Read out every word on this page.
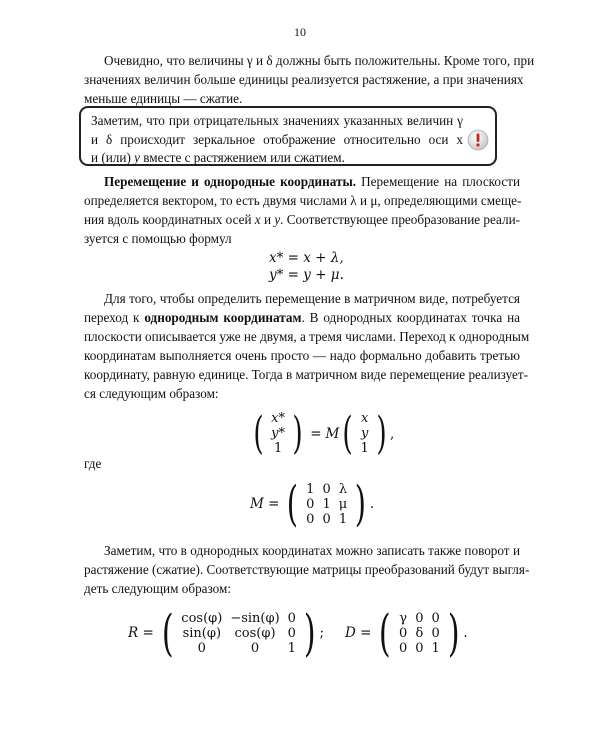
10
Очевидно, что величины γ и δ должны быть положительны. Кроме того, при
значениях величин больше единицы реализуется растяжение, а при значениях
меньше единицы — сжатие.
Заметим, что при отрицательных значениях указанных величин γ
и δ происходит зеркальное отображение относительно оси x
и (или) y вместе с растяжением или сжатием.
Перемещение и однородные координаты. Перемещение на плоскости
определяется вектором, то есть двумя числами λ и μ, определяющими смеще-
ния вдоль координатных осей x и y. Соответствующее преобразование реали-
зуется с помощью формул
x* = x + λ,
y* = y + μ.
Для того, чтобы определить перемещение в матричном виде, потребуется
переход к однородным координатам. В однородных координатах точка на
плоскости описывается уже не двумя, а тремя числами. Переход к однородным
координатам выполняется очень просто — надо формально добавить третью
координату, равную единице. Тогда в матричном виде перемещение реализует-
ся следующим образом:
( x*
y*
1 ) = M ( x
y
1 ) ,
где
M = ( 1	0	λ
0	1	μ
0	0	1 ) .
Заметим, что в однородных координатах можно записать также поворот и
растяжение (сжатие). Соответствующие матрицы преобразований будут выгля-
деть следующим образом:
R = ( cos(φ)	−sin(φ)	0
sin(φ)	cos(φ)	0
0	0	1 ) ; D = ( γ	0	0
0	δ	0
0	0	1 ) .
